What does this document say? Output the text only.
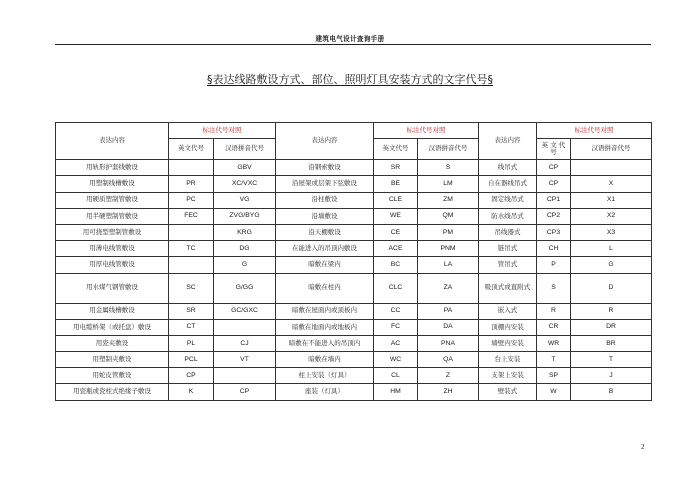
建筑电气设计查询手册
§表达线路敷设方式、部位、照明灯具安装方式的文字代号§
表达内容	标注代号对照		表达内容	标注代号对照		表达内容	标注代号对照	
	英文代号	汉语拼音代号		英文代号	汉语拼音代号		英 文 代 号	汉语拼音代号
用轨形护套线敷设		GBV	沿钢索敷设	SR	S	线吊式	CP	
用塑制线槽敷设	PR	XC/VXC	沿屋架或层架下弦敷设	BE	LM	自在器线吊式	CP	X
用硬质塑制管敷设	PC	VG	沿柱敷设	CLE	ZM	固定线吊式	CP1	X1
用半硬塑制管敷设	FEC	ZVG/BYG	沿墙敷设	WE	QM	防水线吊式	CP2	X2
用可挠型塑制管敷设		KRG	沿天棚敷设	CE	PM	吊线器式	CP3	X3
用薄电线管敷设	TC	DG	在能进入的吊顶内敷设	ACE	PNM	链吊式	CH	L
用厚电线管敷设		G	暗敷在梁内	BC	LA	管吊式	P	G
用水煤气钢管敷设	SC	G/GG	暗敷在柱内	CLC	ZA	吸顶式或直附式	S	D
用金属线槽敷设	SR	GC/GXC	暗敷在屋面内或顶板内	CC	PA	嵌入式	R	R
用电缆桥架（或托盘）敷设	CT		暗敷在地面内或地板内	FC	DA	顶棚内安装	CR	DR
用瓷夹敷设	PL	CJ	暗敷在不能进入的吊顶内	AC	PNA	墙壁内安装	WR	BR
用塑制夹敷设	PCL	VT	暗敷在墙内	WC	QA	台上安装	T	T
用蛇皮管敷设	CP		柱上安装（灯具）	CL	Z	支架上安装	SP	J
用瓷瓶或瓷柱式绝缘子敷设	K	CP	座装（灯具）	HM	ZH	壁装式	W	B
2
